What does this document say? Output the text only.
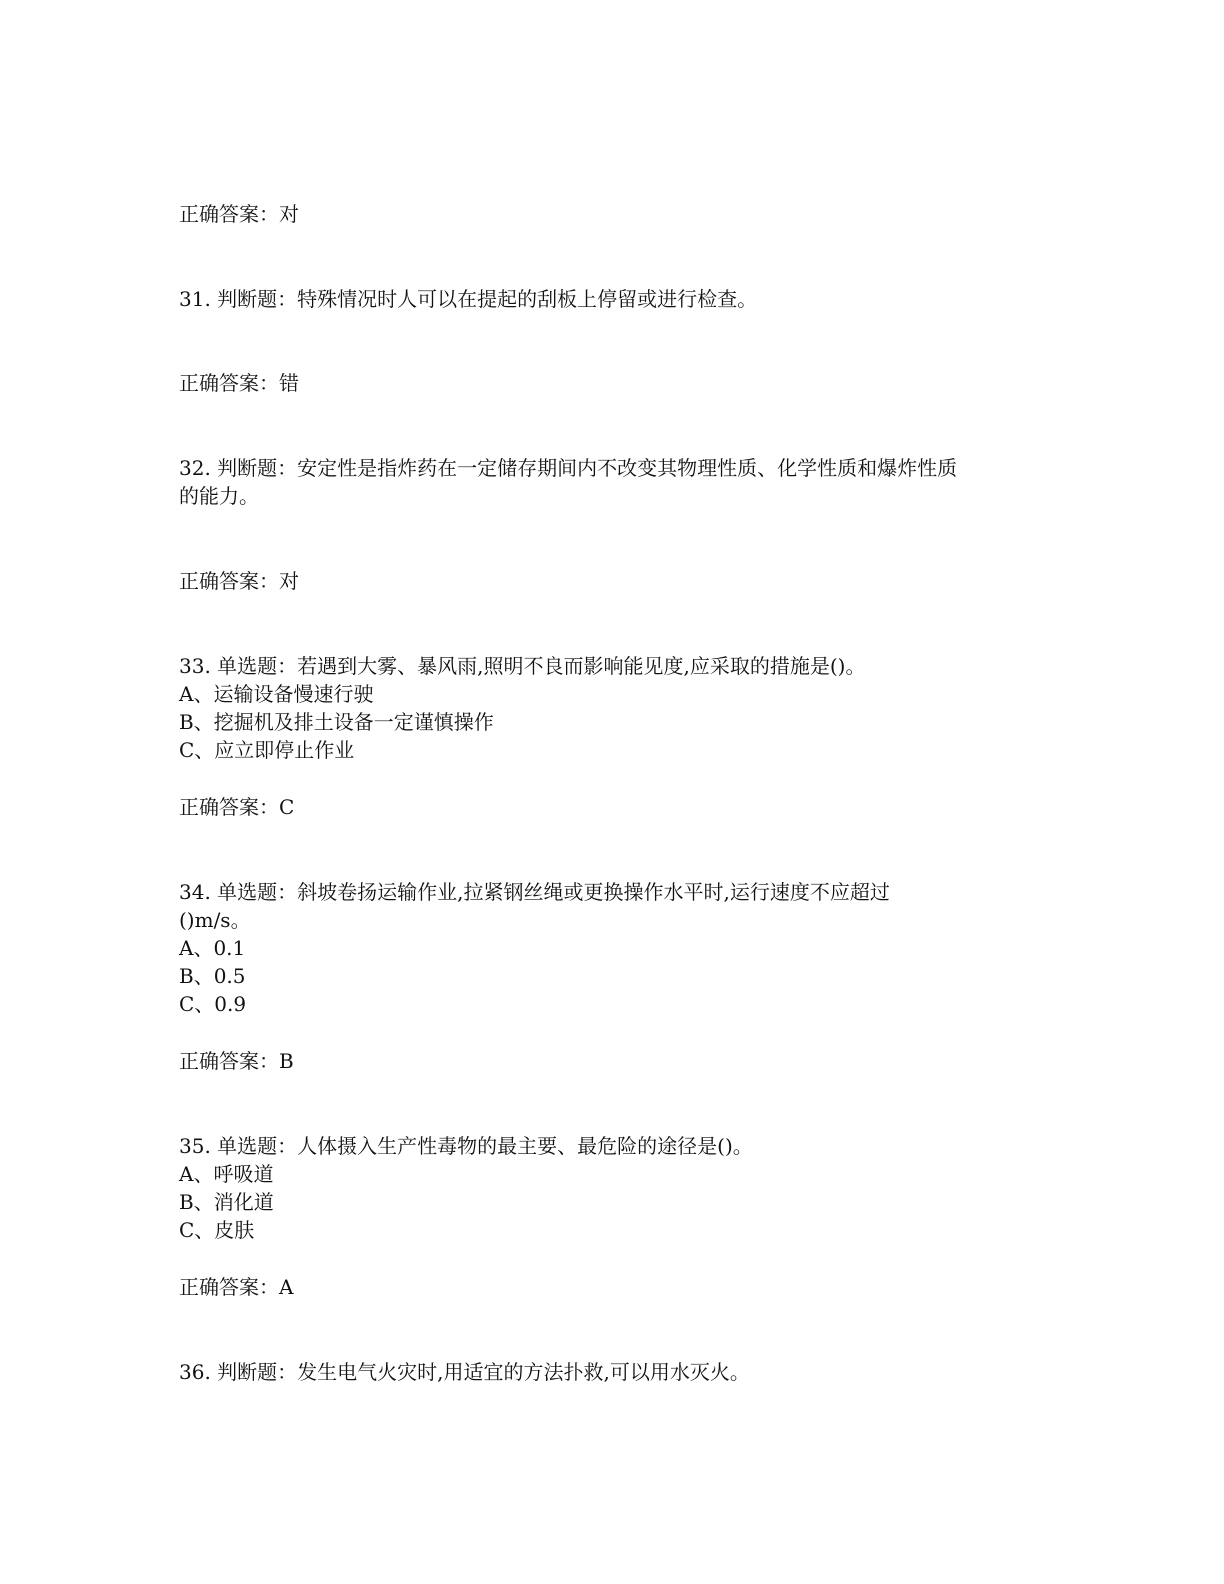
正确答案：对
31. 判断题：特殊情况时人可以在提起的刮板上停留或进行检查。
正确答案：错
32. 判断题：安定性是指炸药在一定储存期间内不改变其物理性质、化学性质和爆炸性质
的能力。
正确答案：对
33. 单选题：若遇到大雾、暴风雨,照明不良而影响能见度,应采取的措施是()。
A、运输设备慢速行驶
B、挖掘机及排土设备一定谨慎操作
C、应立即停止作业
正确答案：C
34. 单选题：斜坡卷扬运输作业,拉紧钢丝绳或更换操作水平时,运行速度不应超过
()m/s。
A、0.1
B、0.5
C、0.9
正确答案：B
35. 单选题：人体摄入生产性毒物的最主要、最危险的途径是()。
A、呼吸道
B、消化道
C、皮肤
正确答案：A
36. 判断题：发生电气火灾时,用适宜的方法扑救,可以用水灭火。
